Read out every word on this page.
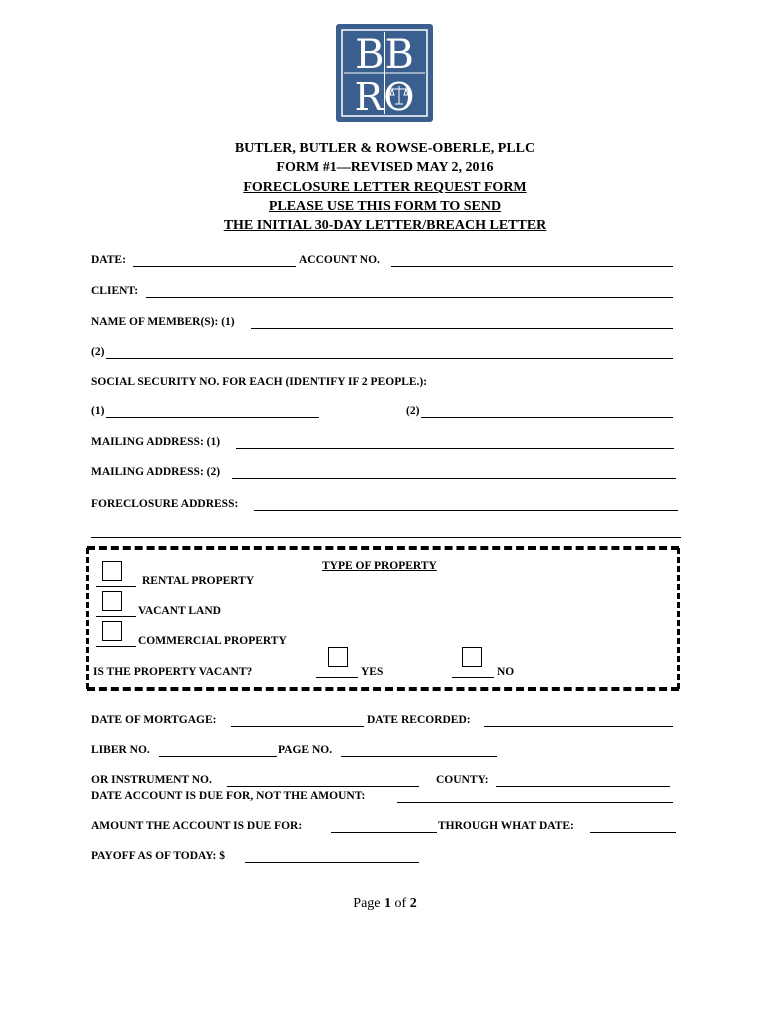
BB
RO
BUTLER, BUTLER & ROWSE-OBERLE, PLLC
FORM #1—REVISED MAY 2, 2016
FORECLOSURE LETTER REQUEST FORM
PLEASE USE THIS FORM TO SEND
THE INITIAL 30-DAY LETTER/BREACH LETTER
DATE:	ACCOUNT NO.
CLIENT:
NAME OF MEMBER(S): (1)
(2)
SOCIAL SECURITY NO. FOR EACH (IDENTIFY IF 2 PEOPLE.):
(1)	(2)
MAILING ADDRESS: (1)
MAILING ADDRESS: (2)
FORECLOSURE ADDRESS:
TYPE OF PROPERTY
RENTAL PROPERTY
VACANT LAND
COMMERCIAL PROPERTY
IS THE PROPERTY VACANT?	YES	NO
DATE OF MORTGAGE:	DATE RECORDED:
LIBER NO.	PAGE NO.
OR INSTRUMENT NO.	COUNTY:
DATE ACCOUNT IS DUE FOR, NOT THE AMOUNT:
AMOUNT THE ACCOUNT IS DUE FOR:	THROUGH WHAT DATE:
PAYOFF AS OF TODAY: $
Page 1 of 2
